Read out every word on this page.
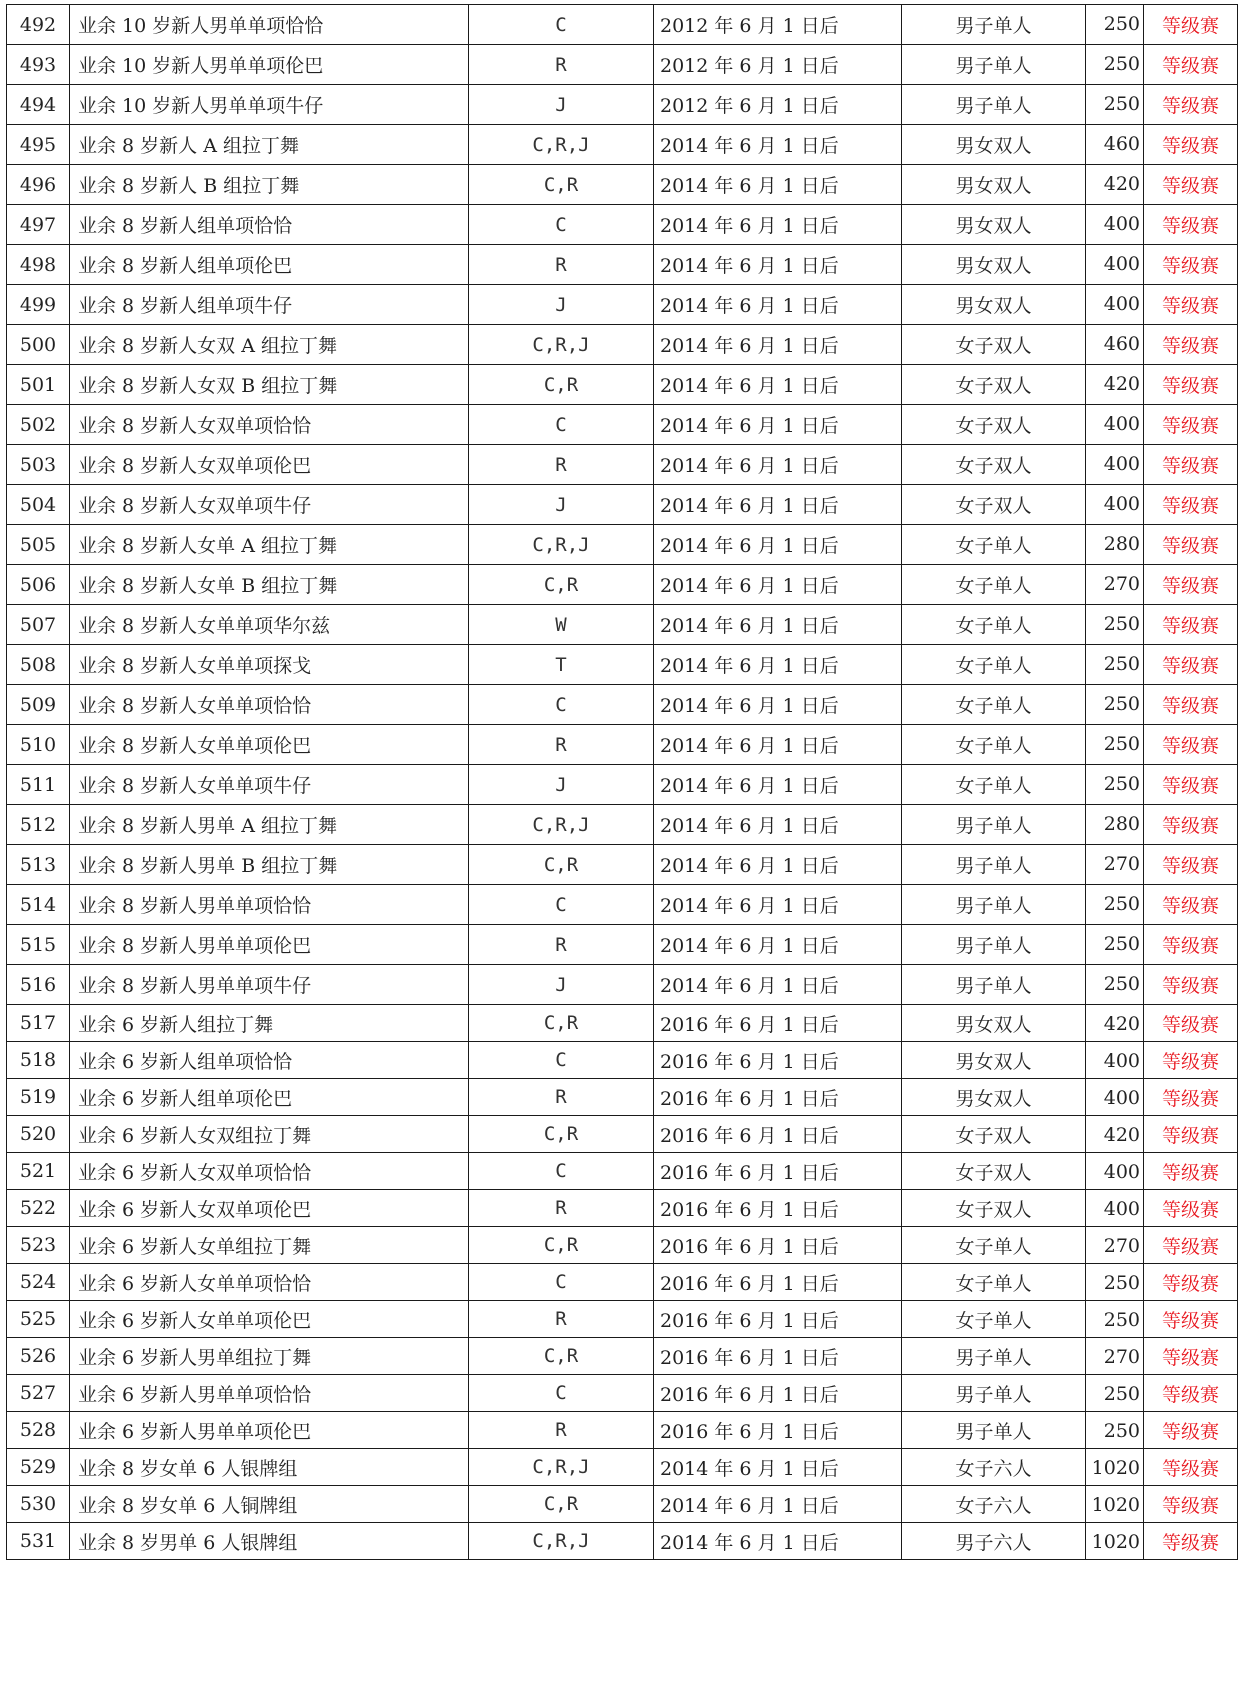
492	业余 10 岁新人男单单项恰恰	C	2012 年 6 月 1 日后	男子单人	250	等级赛
493	业余 10 岁新人男单单项伦巴	R	2012 年 6 月 1 日后	男子单人	250	等级赛
494	业余 10 岁新人男单单项牛仔	J	2012 年 6 月 1 日后	男子单人	250	等级赛
495	业余 8 岁新人 A 组拉丁舞	C,R,J	2014 年 6 月 1 日后	男女双人	460	等级赛
496	业余 8 岁新人 B 组拉丁舞	C,R	2014 年 6 月 1 日后	男女双人	420	等级赛
497	业余 8 岁新人组单项恰恰	C	2014 年 6 月 1 日后	男女双人	400	等级赛
498	业余 8 岁新人组单项伦巴	R	2014 年 6 月 1 日后	男女双人	400	等级赛
499	业余 8 岁新人组单项牛仔	J	2014 年 6 月 1 日后	男女双人	400	等级赛
500	业余 8 岁新人女双 A 组拉丁舞	C,R,J	2014 年 6 月 1 日后	女子双人	460	等级赛
501	业余 8 岁新人女双 B 组拉丁舞	C,R	2014 年 6 月 1 日后	女子双人	420	等级赛
502	业余 8 岁新人女双单项恰恰	C	2014 年 6 月 1 日后	女子双人	400	等级赛
503	业余 8 岁新人女双单项伦巴	R	2014 年 6 月 1 日后	女子双人	400	等级赛
504	业余 8 岁新人女双单项牛仔	J	2014 年 6 月 1 日后	女子双人	400	等级赛
505	业余 8 岁新人女单 A 组拉丁舞	C,R,J	2014 年 6 月 1 日后	女子单人	280	等级赛
506	业余 8 岁新人女单 B 组拉丁舞	C,R	2014 年 6 月 1 日后	女子单人	270	等级赛
507	业余 8 岁新人女单单项华尔兹	W	2014 年 6 月 1 日后	女子单人	250	等级赛
508	业余 8 岁新人女单单项探戈	T	2014 年 6 月 1 日后	女子单人	250	等级赛
509	业余 8 岁新人女单单项恰恰	C	2014 年 6 月 1 日后	女子单人	250	等级赛
510	业余 8 岁新人女单单项伦巴	R	2014 年 6 月 1 日后	女子单人	250	等级赛
511	业余 8 岁新人女单单项牛仔	J	2014 年 6 月 1 日后	女子单人	250	等级赛
512	业余 8 岁新人男单 A 组拉丁舞	C,R,J	2014 年 6 月 1 日后	男子单人	280	等级赛
513	业余 8 岁新人男单 B 组拉丁舞	C,R	2014 年 6 月 1 日后	男子单人	270	等级赛
514	业余 8 岁新人男单单项恰恰	C	2014 年 6 月 1 日后	男子单人	250	等级赛
515	业余 8 岁新人男单单项伦巴	R	2014 年 6 月 1 日后	男子单人	250	等级赛
516	业余 8 岁新人男单单项牛仔	J	2014 年 6 月 1 日后	男子单人	250	等级赛
517	业余 6 岁新人组拉丁舞	C,R	2016 年 6 月 1 日后	男女双人	420	等级赛
518	业余 6 岁新人组单项恰恰	C	2016 年 6 月 1 日后	男女双人	400	等级赛
519	业余 6 岁新人组单项伦巴	R	2016 年 6 月 1 日后	男女双人	400	等级赛
520	业余 6 岁新人女双组拉丁舞	C,R	2016 年 6 月 1 日后	女子双人	420	等级赛
521	业余 6 岁新人女双单项恰恰	C	2016 年 6 月 1 日后	女子双人	400	等级赛
522	业余 6 岁新人女双单项伦巴	R	2016 年 6 月 1 日后	女子双人	400	等级赛
523	业余 6 岁新人女单组拉丁舞	C,R	2016 年 6 月 1 日后	女子单人	270	等级赛
524	业余 6 岁新人女单单项恰恰	C	2016 年 6 月 1 日后	女子单人	250	等级赛
525	业余 6 岁新人女单单项伦巴	R	2016 年 6 月 1 日后	女子单人	250	等级赛
526	业余 6 岁新人男单组拉丁舞	C,R	2016 年 6 月 1 日后	男子单人	270	等级赛
527	业余 6 岁新人男单单项恰恰	C	2016 年 6 月 1 日后	男子单人	250	等级赛
528	业余 6 岁新人男单单项伦巴	R	2016 年 6 月 1 日后	男子单人	250	等级赛
529	业余 8 岁女单 6 人银牌组	C,R,J	2014 年 6 月 1 日后	女子六人	1020	等级赛
530	业余 8 岁女单 6 人铜牌组	C,R	2014 年 6 月 1 日后	女子六人	1020	等级赛
531	业余 8 岁男单 6 人银牌组	C,R,J	2014 年 6 月 1 日后	男子六人	1020	等级赛
